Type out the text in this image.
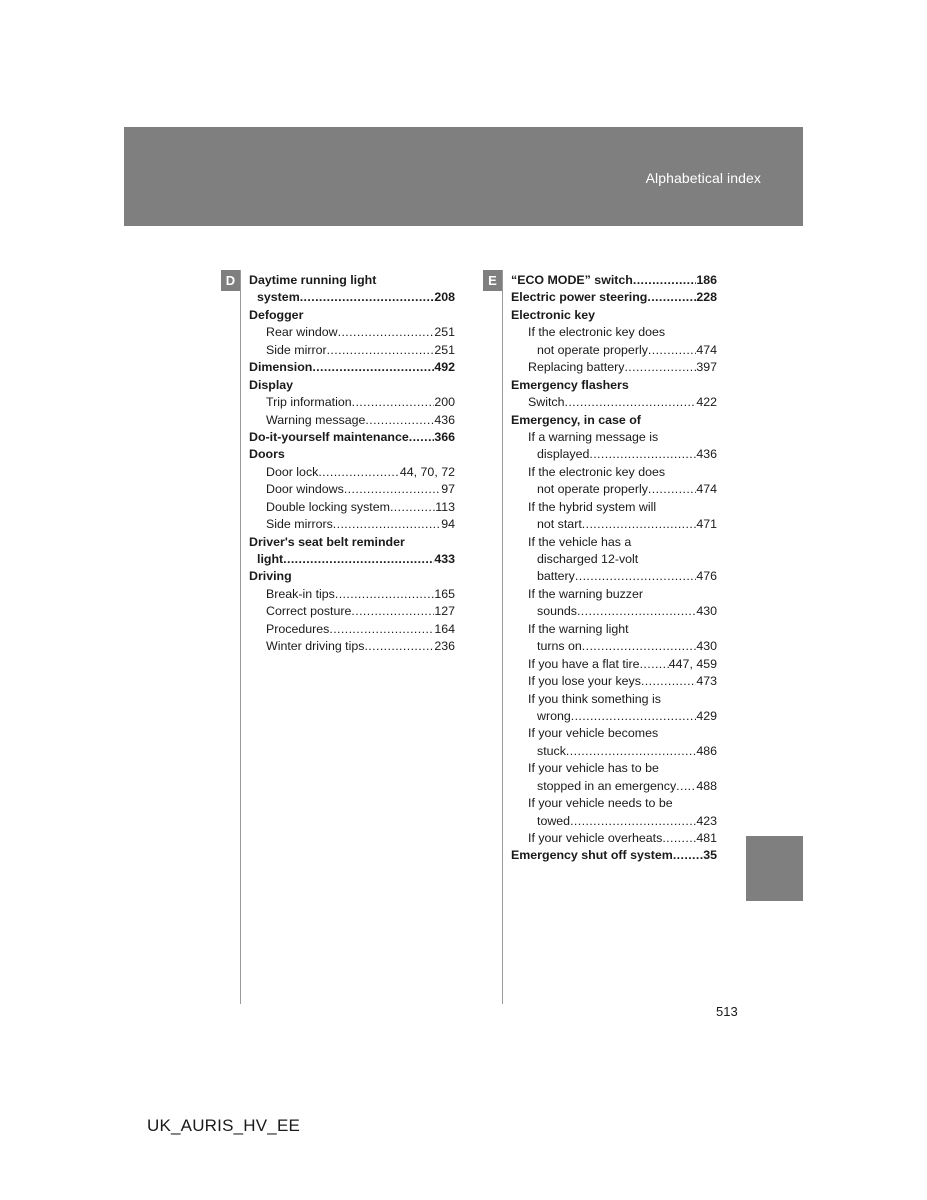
Alphabetical index
D	E
Daytime running light
system .....	208
Defogger
Rear window .....	251
Side mirror .....	251
Dimension .....	492
Display
Trip information .....	200
Warning message .....	436
Do-it-yourself maintenance ..... 366
Doors
Door lock .....	44, 70, 72
Door windows .....	97
Double locking system .....	113
Side mirrors .....	94
Driver's seat belt reminder
light .....	433
Driving
Break-in tips .....	165
Correct posture .....	127
Procedures .....	164
Winter driving tips .....	236
“ECO MODE” switch .....	186
Electric power steering .....	228
Electronic key
If the electronic key does
not operate properly .....	474
Replacing battery .....	397
Emergency flashers
Switch .....	422
Emergency, in case of
If a warning message is
displayed .....	436
If the electronic key does
not operate properly .....	474
If the hybrid system will
not start .....	471
If the vehicle has a
discharged 12-volt
battery .....	476
If the warning buzzer
sounds .....	430
If the warning light
turns on .....	430
If you have a flat tire ..... 447, 459
If you lose your keys .....	473
If you think something is
wrong .....	429
If your vehicle becomes
stuck .....	486
If your vehicle has to be
stopped in an emergency ..... 488
If your vehicle needs to be
towed .....	423
If your vehicle overheats .....	481
Emergency shut off system ..... 35
513
UK_AURIS_HV_EE
